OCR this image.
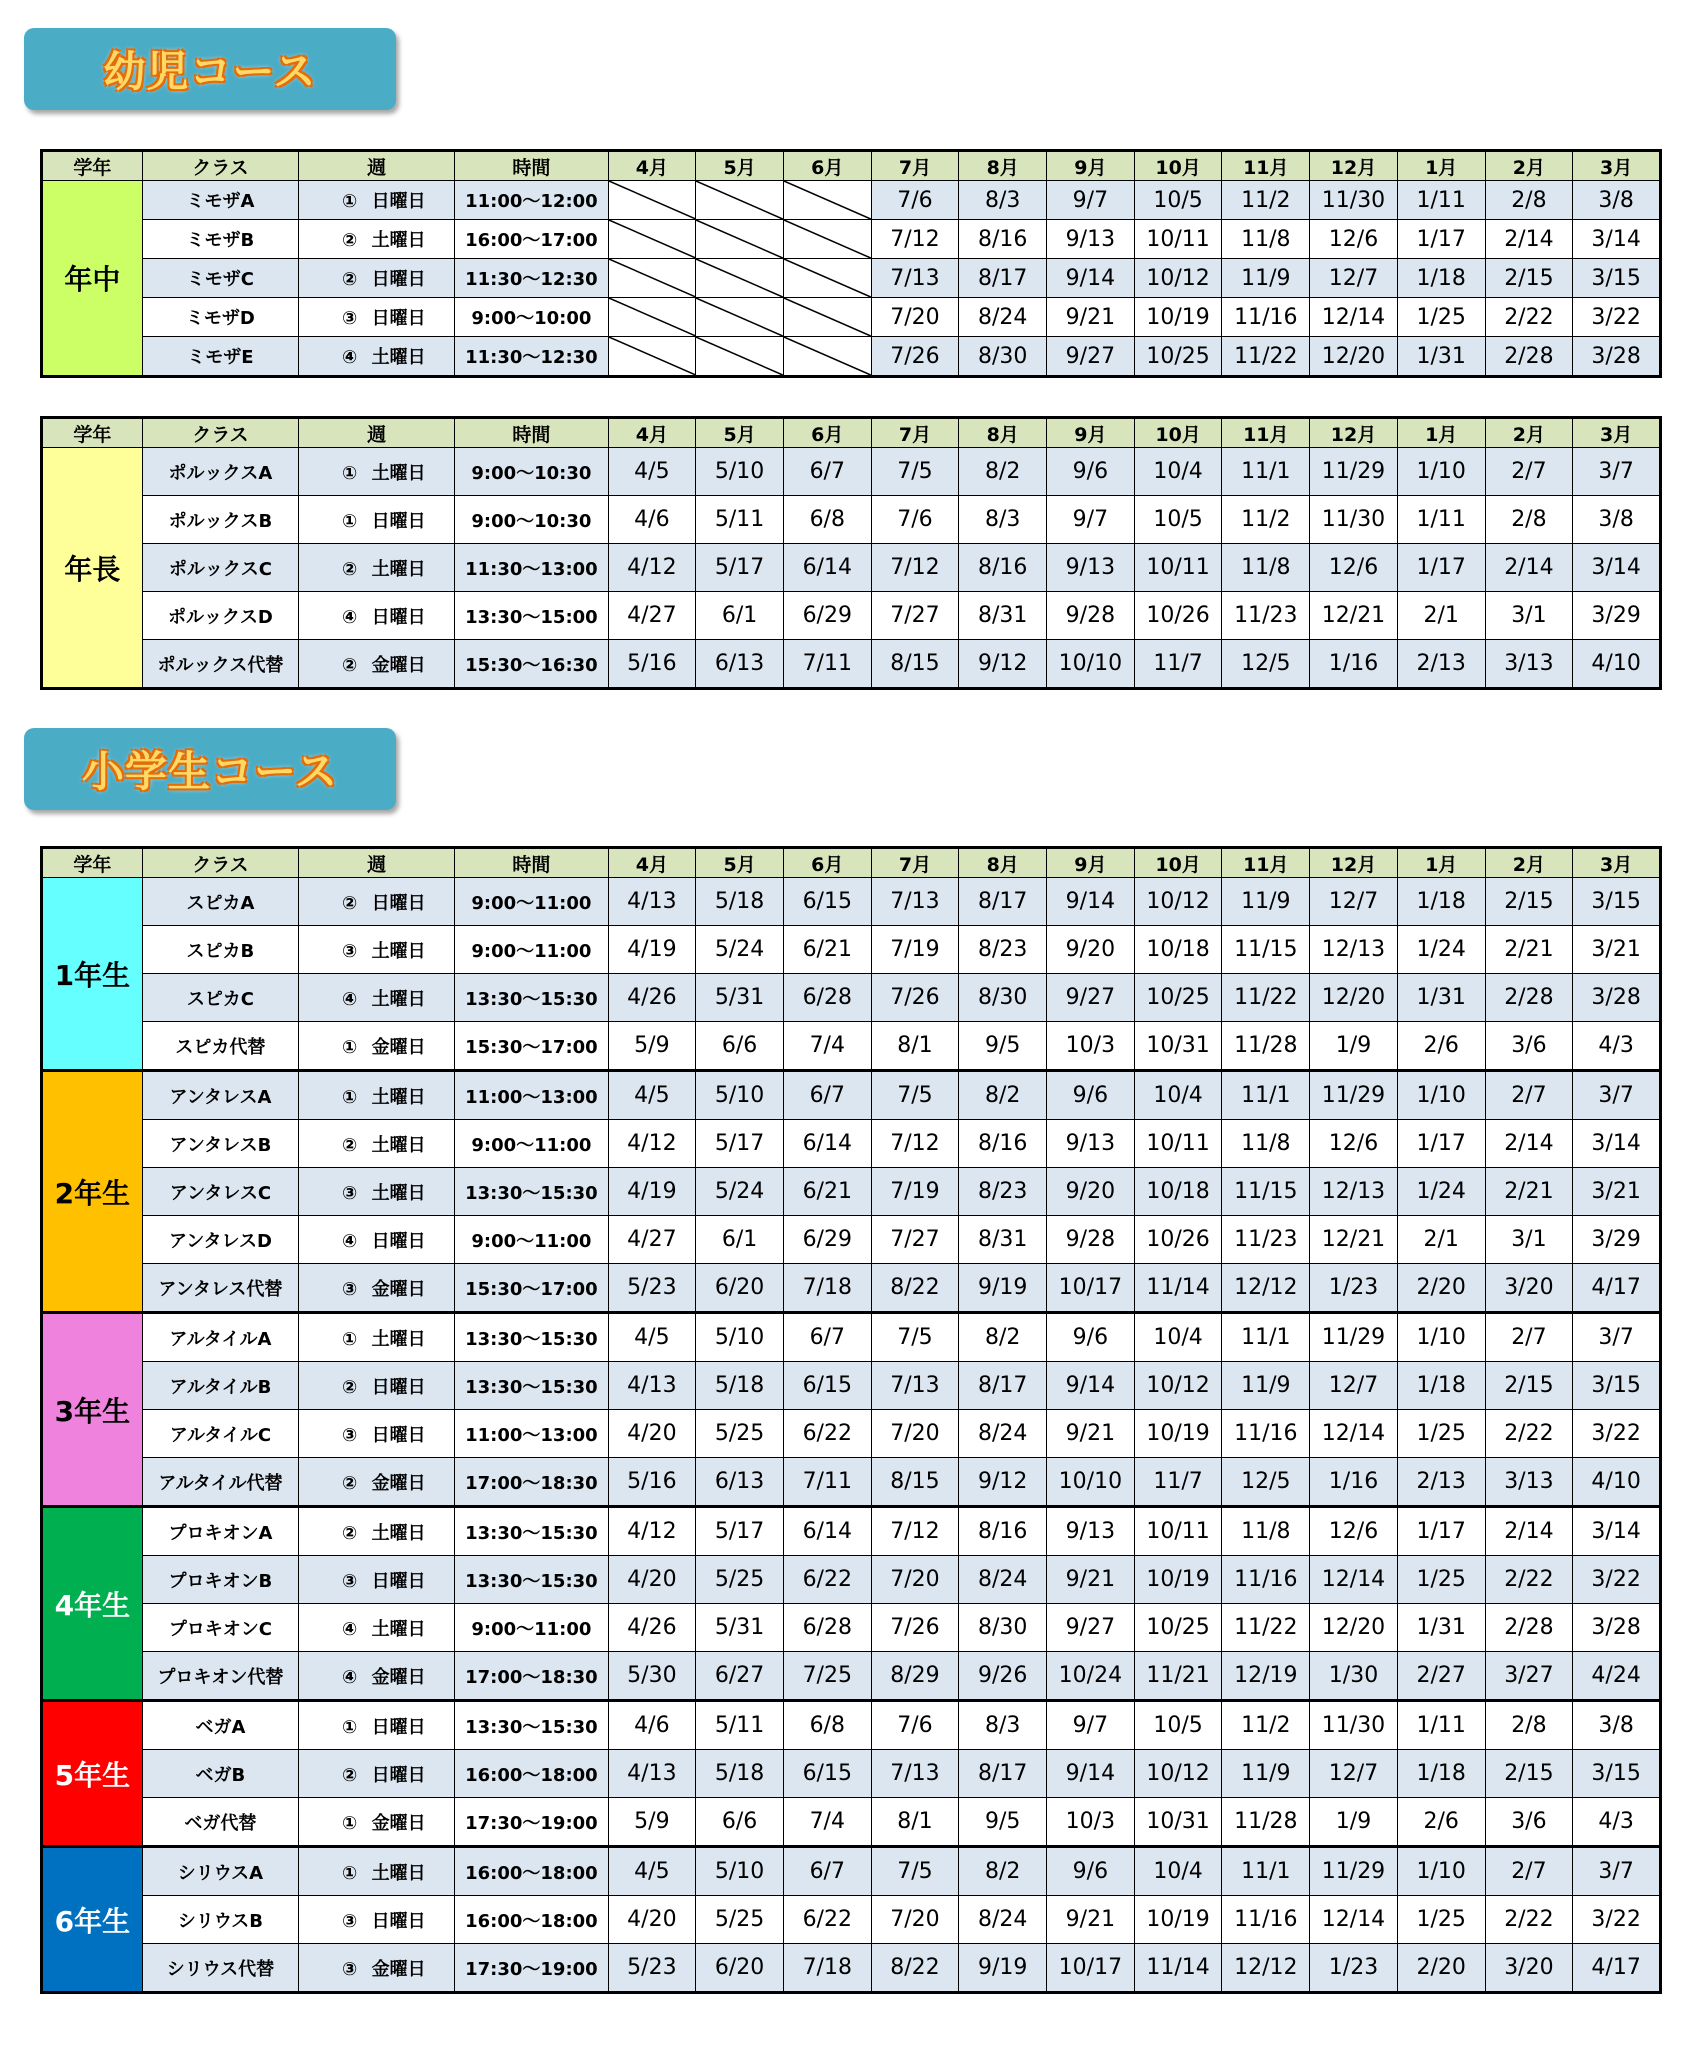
幼児コース
学年	クラス	週	時間	4月	5月	6月	7月	8月	9月	10月	11月	12月	1月	2月	3月
年中	ミモザA	① 日曜日	11:00～12:00				7/6	8/3	9/7	10/5	11/2	11/30	1/11	2/8	3/8
	ミモザB	② 土曜日	16:00～17:00				7/12	8/16	9/13	10/11	11/8	12/6	1/17	2/14	3/14
	ミモザC	② 日曜日	11:30～12:30				7/13	8/17	9/14	10/12	11/9	12/7	1/18	2/15	3/15
	ミモザD	③ 日曜日	9:00～10:00				7/20	8/24	9/21	10/19	11/16	12/14	1/25	2/22	3/22
	ミモザE	④ 土曜日	11:30～12:30				7/26	8/30	9/27	10/25	11/22	12/20	1/31	2/28	3/28
学年	クラス	週	時間	4月	5月	6月	7月	8月	9月	10月	11月	12月	1月	2月	3月
年長	ポルックスA	① 土曜日	9:00～10:30	4/5	5/10	6/7	7/5	8/2	9/6	10/4	11/1	11/29	1/10	2/7	3/7
	ポルックスB	① 日曜日	9:00～10:30	4/6	5/11	6/8	7/6	8/3	9/7	10/5	11/2	11/30	1/11	2/8	3/8
	ポルックスC	② 土曜日	11:30～13:00	4/12	5/17	6/14	7/12	8/16	9/13	10/11	11/8	12/6	1/17	2/14	3/14
	ポルックスD	④ 日曜日	13:30～15:00	4/27	6/1	6/29	7/27	8/31	9/28	10/26	11/23	12/21	2/1	3/1	3/29
	ポルックス代替	② 金曜日	15:30～16:30	5/16	6/13	7/11	8/15	9/12	10/10	11/7	12/5	1/16	2/13	3/13	4/10
小学生コース
学年	クラス	週	時間	4月	5月	6月	7月	8月	9月	10月	11月	12月	1月	2月	3月
1年生	スピカA	② 日曜日	9:00～11:00	4/13	5/18	6/15	7/13	8/17	9/14	10/12	11/9	12/7	1/18	2/15	3/15
	スピカB	③ 土曜日	9:00～11:00	4/19	5/24	6/21	7/19	8/23	9/20	10/18	11/15	12/13	1/24	2/21	3/21
	スピカC	④ 土曜日	13:30～15:30	4/26	5/31	6/28	7/26	8/30	9/27	10/25	11/22	12/20	1/31	2/28	3/28
	スピカ代替	① 金曜日	15:30～17:00	5/9	6/6	7/4	8/1	9/5	10/3	10/31	11/28	1/9	2/6	3/6	4/3
2年生	アンタレスA	① 土曜日	11:00～13:00	4/5	5/10	6/7	7/5	8/2	9/6	10/4	11/1	11/29	1/10	2/7	3/7
	アンタレスB	② 土曜日	9:00～11:00	4/12	5/17	6/14	7/12	8/16	9/13	10/11	11/8	12/6	1/17	2/14	3/14
	アンタレスC	③ 土曜日	13:30～15:30	4/19	5/24	6/21	7/19	8/23	9/20	10/18	11/15	12/13	1/24	2/21	3/21
	アンタレスD	④ 日曜日	9:00～11:00	4/27	6/1	6/29	7/27	8/31	9/28	10/26	11/23	12/21	2/1	3/1	3/29
	アンタレス代替	③ 金曜日	15:30～17:00	5/23	6/20	7/18	8/22	9/19	10/17	11/14	12/12	1/23	2/20	3/20	4/17
3年生	アルタイルA	① 土曜日	13:30～15:30	4/5	5/10	6/7	7/5	8/2	9/6	10/4	11/1	11/29	1/10	2/7	3/7
	アルタイルB	② 日曜日	13:30～15:30	4/13	5/18	6/15	7/13	8/17	9/14	10/12	11/9	12/7	1/18	2/15	3/15
	アルタイルC	③ 日曜日	11:00～13:00	4/20	5/25	6/22	7/20	8/24	9/21	10/19	11/16	12/14	1/25	2/22	3/22
	アルタイル代替	② 金曜日	17:00～18:30	5/16	6/13	7/11	8/15	9/12	10/10	11/7	12/5	1/16	2/13	3/13	4/10
4年生	プロキオンA	② 土曜日	13:30～15:30	4/12	5/17	6/14	7/12	8/16	9/13	10/11	11/8	12/6	1/17	2/14	3/14
	プロキオンB	③ 日曜日	13:30～15:30	4/20	5/25	6/22	7/20	8/24	9/21	10/19	11/16	12/14	1/25	2/22	3/22
	プロキオンC	④ 土曜日	9:00～11:00	4/26	5/31	6/28	7/26	8/30	9/27	10/25	11/22	12/20	1/31	2/28	3/28
	プロキオン代替	④ 金曜日	17:00～18:30	5/30	6/27	7/25	8/29	9/26	10/24	11/21	12/19	1/30	2/27	3/27	4/24
5年生	ベガA	① 日曜日	13:30～15:30	4/6	5/11	6/8	7/6	8/3	9/7	10/5	11/2	11/30	1/11	2/8	3/8
	ベガB	② 日曜日	16:00～18:00	4/13	5/18	6/15	7/13	8/17	9/14	10/12	11/9	12/7	1/18	2/15	3/15
	ベガ代替	① 金曜日	17:30～19:00	5/9	6/6	7/4	8/1	9/5	10/3	10/31	11/28	1/9	2/6	3/6	4/3
6年生	シリウスA	① 土曜日	16:00～18:00	4/5	5/10	6/7	7/5	8/2	9/6	10/4	11/1	11/29	1/10	2/7	3/7
	シリウスB	③ 日曜日	16:00～18:00	4/20	5/25	6/22	7/20	8/24	9/21	10/19	11/16	12/14	1/25	2/22	3/22
	シリウス代替	③ 金曜日	17:30～19:00	5/23	6/20	7/18	8/22	9/19	10/17	11/14	12/12	1/23	2/20	3/20	4/17
